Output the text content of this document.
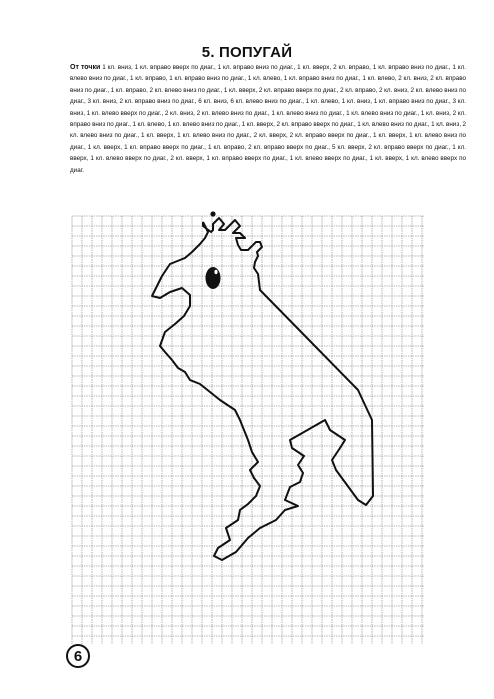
5. ПОПУГАЙ
От точки 1 кл. вниз, 1 кл. вправо вверх по диаг., 1 кл. вправо вниз по диаг., 1 кл. вверх, 2 кл. вправо, 1 кл. вправо вниз по диаг., 1 кл. влево вниз по диаг., 1 кл. вправо, 1 кл. вправо вниз по диаг., 1 кл. влево, 1 кл. вправо вниз по диаг., 1 кл. влево, 2 кл. вниз, 2 кл. вправо вниз по диаг., 1 кл. вправо, 2 кл. влево вниз по диаг., 1 кл. вверх, 2 кл. вправо вверх по диаг., 2 кл. вправо, 2 кл. вниз, 2 кл. влево вниз по диаг., 3 кл. вниз, 2 кл. вправо вниз по диаг., 6 кл. вниз, 6 кл. влево вниз по диаг., 1 кл. влево, 1 кл. вниз, 1 кл. вправо вниз по диаг., 3 кл. вниз, 1 кл. влево вверх по диаг., 2 кл. вниз, 2 кл. влево вниз по диаг., 1 кл. влево вниз по диаг., 1 кл. влево вниз по диаг., 1 кл. вниз, 2 кл. вправо вниз по диаг., 1 кл. влево, 1 кл. влево вниз по диаг., 1 кл. вверх, 2 кл. вправо вверх по диаг., 1 кл. влево вниз по диаг., 1 кл. вниз, 2 кл. влево вниз по диаг., 1 кл. вверх, 1 кл. влево вниз по диаг., 2 кл. вверх, 2 кл. вправо вверх по диаг., 1 кл. вверх, 1 кл. влево вниз по диаг., 1 кл. вверх, 1 кл. вправо вверх по диаг., 1 кл. вправо, 2 кл. вправо вверх по диаг., 5 кл. вверх, 2 кл. вправо вверх по диаг., 1 кл. вверх, 1 кл. влево вверх по диаг., 2 кл. вверх, 1 кл. вправо вверх по диаг., 1 кл. влево вверх по диаг., 1 кл. вверх, 1 кл. влево вверх по диаг.
6
